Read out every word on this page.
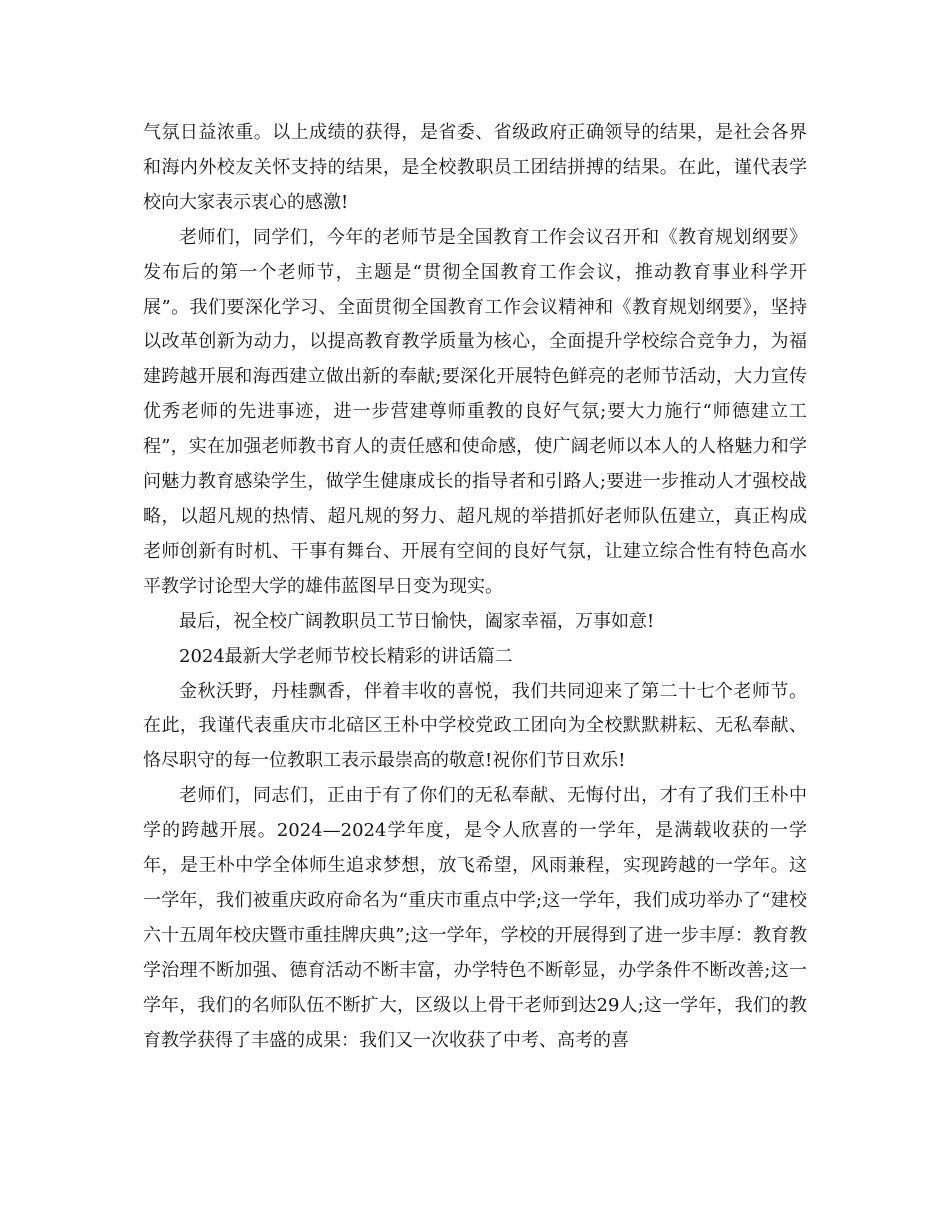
气氛日益浓重。以上成绩的获得，是省委、省级政府正确领导的结果，是社会各界和海内外校友关怀支持的结果，是全校教职员工团结拼搏的结果。在此，谨代表学校向大家表示衷心的感激!

老师们，同学们，今年的老师节是全国教育工作会议召开和《教育规划纲要》发布后的第一个老师节，主题是“贯彻全国教育工作会议，推动教育事业科学开展”。我们要深化学习、全面贯彻全国教育工作会议精神和《教育规划纲要》，坚持以改革创新为动力，以提高教育教学质量为核心，全面提升学校综合竞争力，为福建跨越开展和海西建立做出新的奉献;要深化开展特色鲜亮的老师节活动，大力宣传优秀老师的先进事迹，进一步营建尊师重教的良好气氛;要大力施行“师德建立工程”，实在加强老师教书育人的责任感和使命感，使广阔老师以本人的人格魅力和学问魅力教育感染学生，做学生健康成长的指导者和引路人;要进一步推动人才强校战略，以超凡规的热情、超凡规的努力、超凡规的举措抓好老师队伍建立，真正构成老师创新有时机、干事有舞台、开展有空间的良好气氛，让建立综合性有特色高水平教学讨论型大学的雄伟蓝图早日变为现实。

最后，祝全校广阔教职员工节日愉快，阖家幸福，万事如意!

2024最新大学老师节校长精彩的讲话篇二

金秋沃野，丹桂飘香，伴着丰收的喜悦，我们共同迎来了第二十七个老师节。在此，我谨代表重庆市北碚区王朴中学校党政工团向为全校默默耕耘、无私奉献、恪尽职守的每一位教职工表示最崇高的敬意!祝你们节日欢乐!

老师们，同志们，正由于有了你们的无私奉献、无悔付出，才有了我们王朴中学的跨越开展。2024—2024学年度，是令人欣喜的一学年，是满载收获的一学年，是王朴中学全体师生追求梦想，放飞希望，风雨兼程，实现跨越的一学年。这一学年，我们被重庆政府命名为“重庆市重点中学;这一学年，我们成功举办了“建校六十五周年校庆暨市重挂牌庆典”;这一学年，学校的开展得到了进一步丰厚：教育教学治理不断加强、德育活动不断丰富，办学特色不断彰显，办学条件不断改善;这一学年，我们的名师队伍不断扩大，区级以上骨干老师到达29人;这一学年，我们的教育教学获得了丰盛的成果：我们又一次收获了中考、高考的喜
